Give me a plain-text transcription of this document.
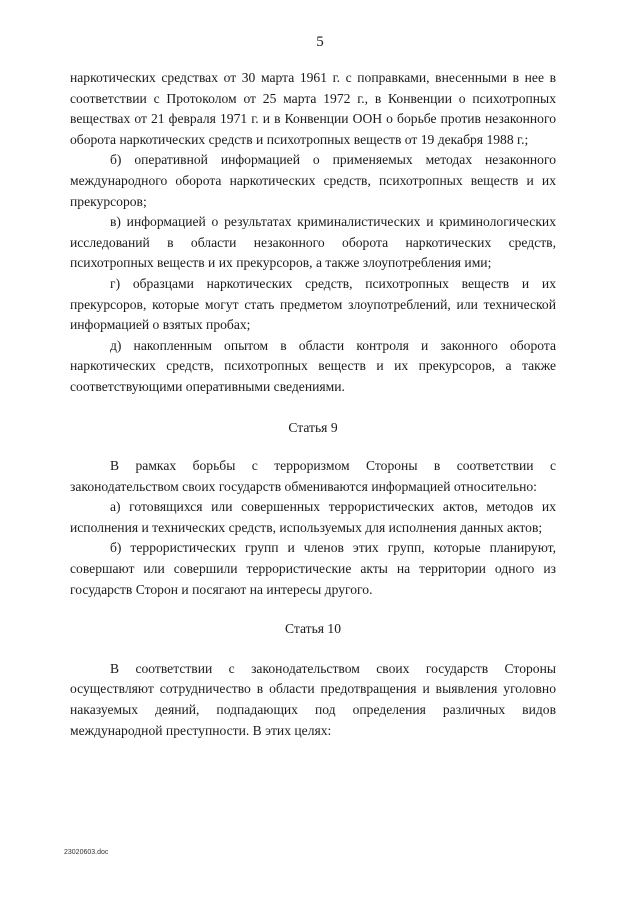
5

наркотических средствах от 30 марта 1961 г. с поправками, внесенными в нее в соответствии с Протоколом от 25 марта 1972 г., в Конвенции о психотропных веществах от 21 февраля 1971 г. и в Конвенции ООН о борьбе против незаконного оборота наркотических средств и психотропных веществ от 19 декабря 1988 г.;

б) оперативной информацией о применяемых методах незаконного международного оборота наркотических средств, психотропных веществ и их прекурсоров;

в) информацией о результатах криминалистических и криминологических исследований в области незаконного оборота наркотических средств, психотропных веществ и их прекурсоров, а также злоупотребления ими;

г) образцами наркотических средств, психотропных веществ и их прекурсоров, которые могут стать предметом злоупотреблений, или технической информацией о взятых пробах;

д) накопленным опытом в области контроля и законного оборота наркотических средств, психотропных веществ и их прекурсоров, а также соответствующими оперативными сведениями.

Статья 9

В рамках борьбы с терроризмом Стороны в соответствии с законодательством своих государств обмениваются информацией относительно:

а) готовящихся или совершенных террористических актов, методов их исполнения и технических средств, используемых для исполнения данных актов;

б) террористических групп и членов этих групп, которые планируют, совершают или совершили террористические акты на территории одного из государств Сторон и посягают на интересы другого.

Статья 10

В соответствии с законодательством своих государств Стороны осуществляют сотрудничество в области предотвращения и выявления уголовно наказуемых деяний, подпадающих под определения различных видов международной преступности. В этих целях:

23020603.doc
